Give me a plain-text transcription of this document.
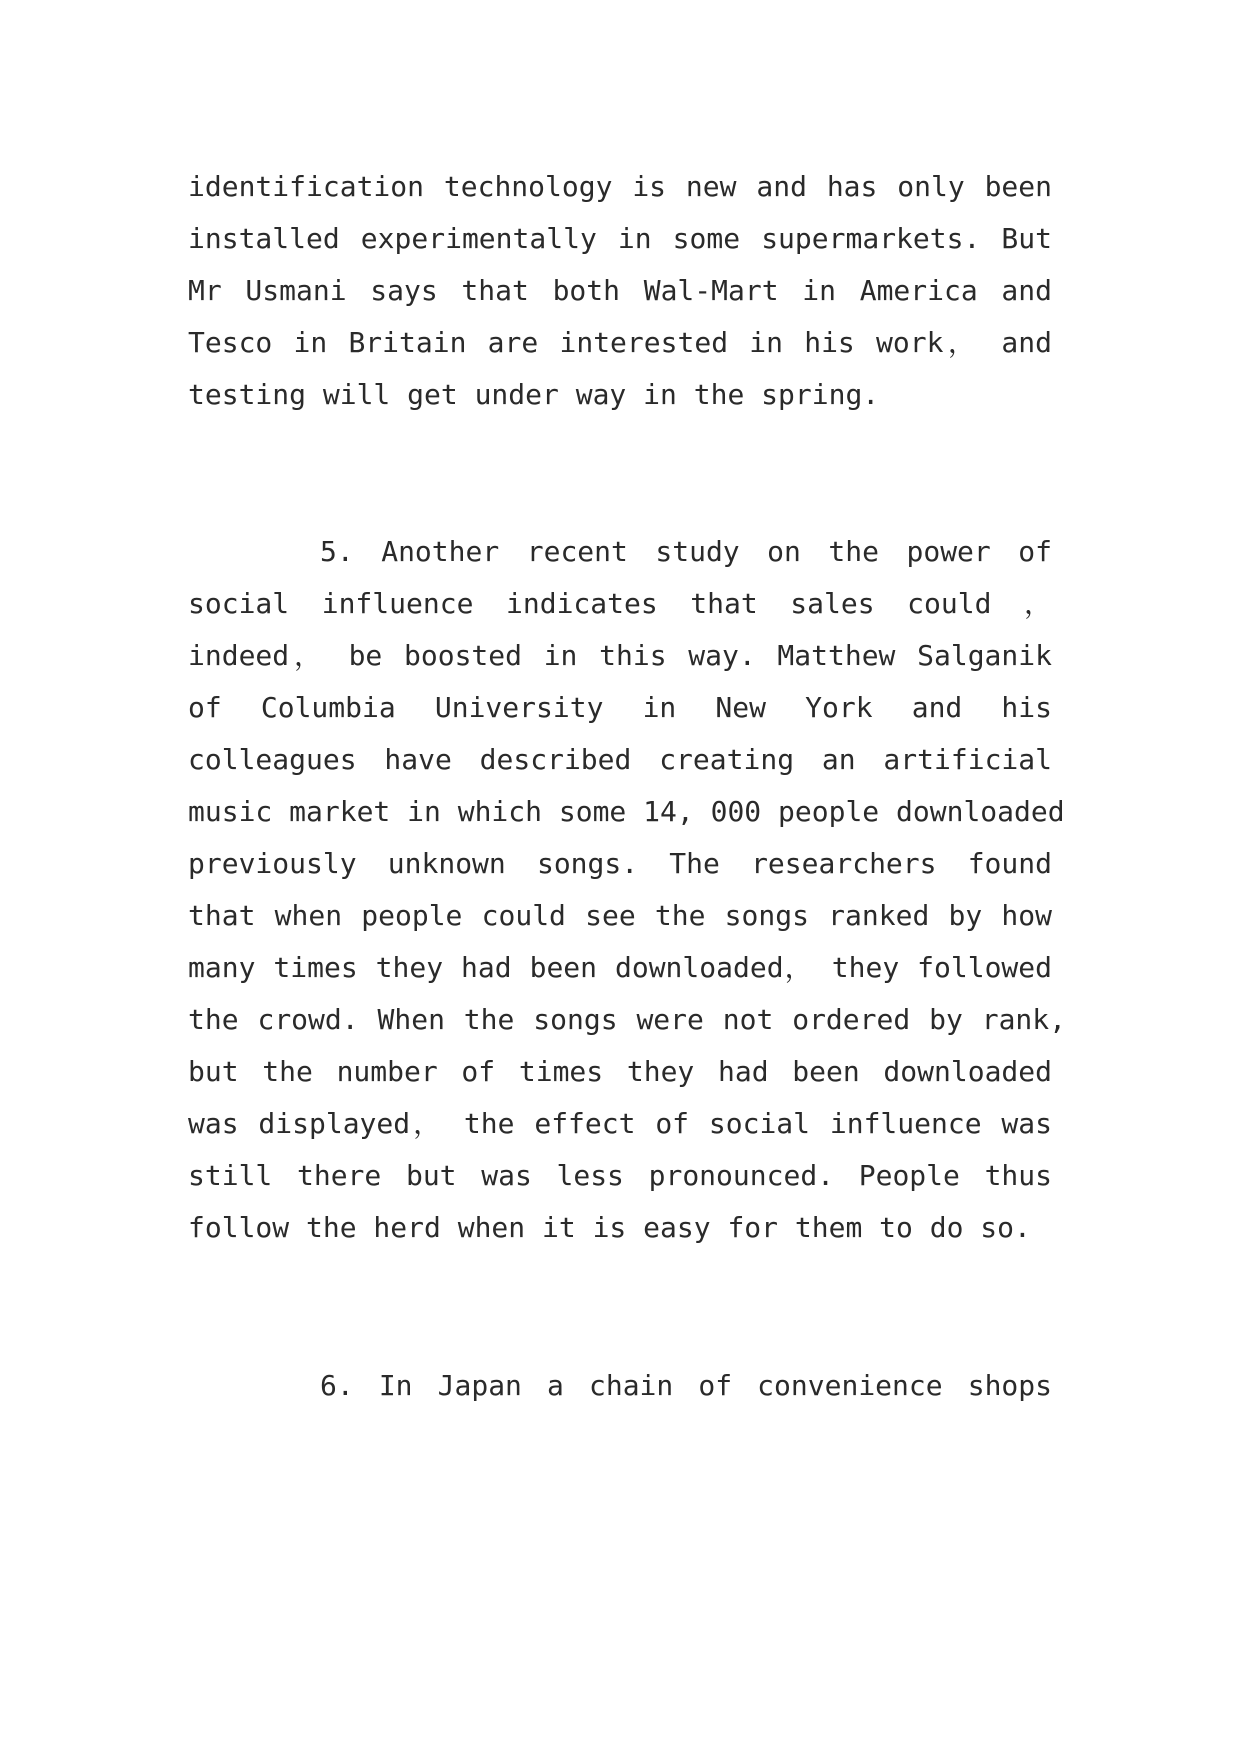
identification technology is new and has only been
installed experimentally in some supermarkets. But
Mr Usmani says that both Wal-Mart in America and
Tesco in Britain are interested in his work， and
testing will get under way in the spring.
5. Another recent study on the power of
social influence indicates that sales could ，
indeed， be boosted in this way. Matthew Salganik
of Columbia University in New York and his
colleagues have described creating an artificial
music market in which some 14, 000 people downloaded
previously unknown songs. The researchers found
that when people could see the songs ranked by how
many times they had been downloaded， they followed
the crowd. When the songs were not ordered by rank,
but the number of times they had been downloaded
was displayed， the effect of social influence was
still there but was less pronounced. People thus
follow the herd when it is easy for them to do so.
6. In Japan a chain of convenience shops
